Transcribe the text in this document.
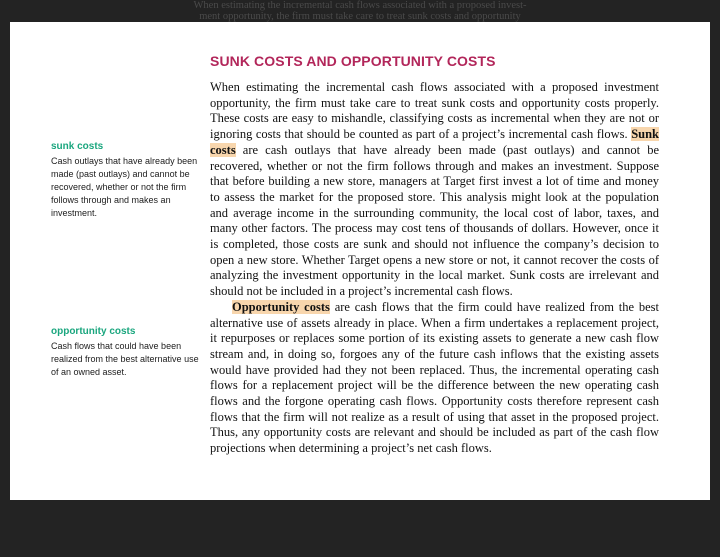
When estimating the incremental cash flows associated with a proposed invest-
ment opportunity, the firm must take care to treat sunk costs and opportunity
sunk costs
Cash outlays that have already been made (past outlays) and cannot be recovered, whether or not the firm follows through and makes an investment.
opportunity costs
Cash flows that could have been realized from the best alternative use of an owned asset.
SUNK COSTS AND OPPORTUNITY COSTS

When estimating the incremental cash flows associated with a proposed investment opportunity, the firm must take care to treat sunk costs and opportunity costs properly. These costs are easy to mishandle, classifying costs as incremental when they are not or ignoring costs that should be counted as part of a project’s incremental cash flows. Sunk costs are cash outlays that have already been made (past outlays) and cannot be recovered, whether or not the firm follows through and makes an investment. Suppose that before building a new store, managers at Target first invest a lot of time and money to assess the market for the proposed store. This analysis might look at the population and average income in the surrounding community, the local cost of labor, taxes, and many other factors. The process may cost tens of thousands of dollars. However, once it is completed, those costs are sunk and should not influence the company’s decision to open a new store. Whether Target opens a new store or not, it cannot recover the costs of analyzing the investment opportunity in the local market. Sunk costs are irrelevant and should not be included in a project’s incremental cash flows.

Opportunity costs are cash flows that the firm could have realized from the best alternative use of assets already in place. When a firm undertakes a replacement project, it repurposes or replaces some portion of its existing assets to generate a new cash flow stream and, in doing so, forgoes any of the future cash inflows that the existing assets would have provided had they not been replaced. Thus, the incremental operating cash flows for a replacement project will be the difference between the new operating cash flows and the forgone operating cash flows. Opportunity costs therefore represent cash flows that the firm will not realize as a result of using that asset in the proposed project. Thus, any opportunity costs are relevant and should be included as part of the cash flow projections when determining a project’s net cash flows.
